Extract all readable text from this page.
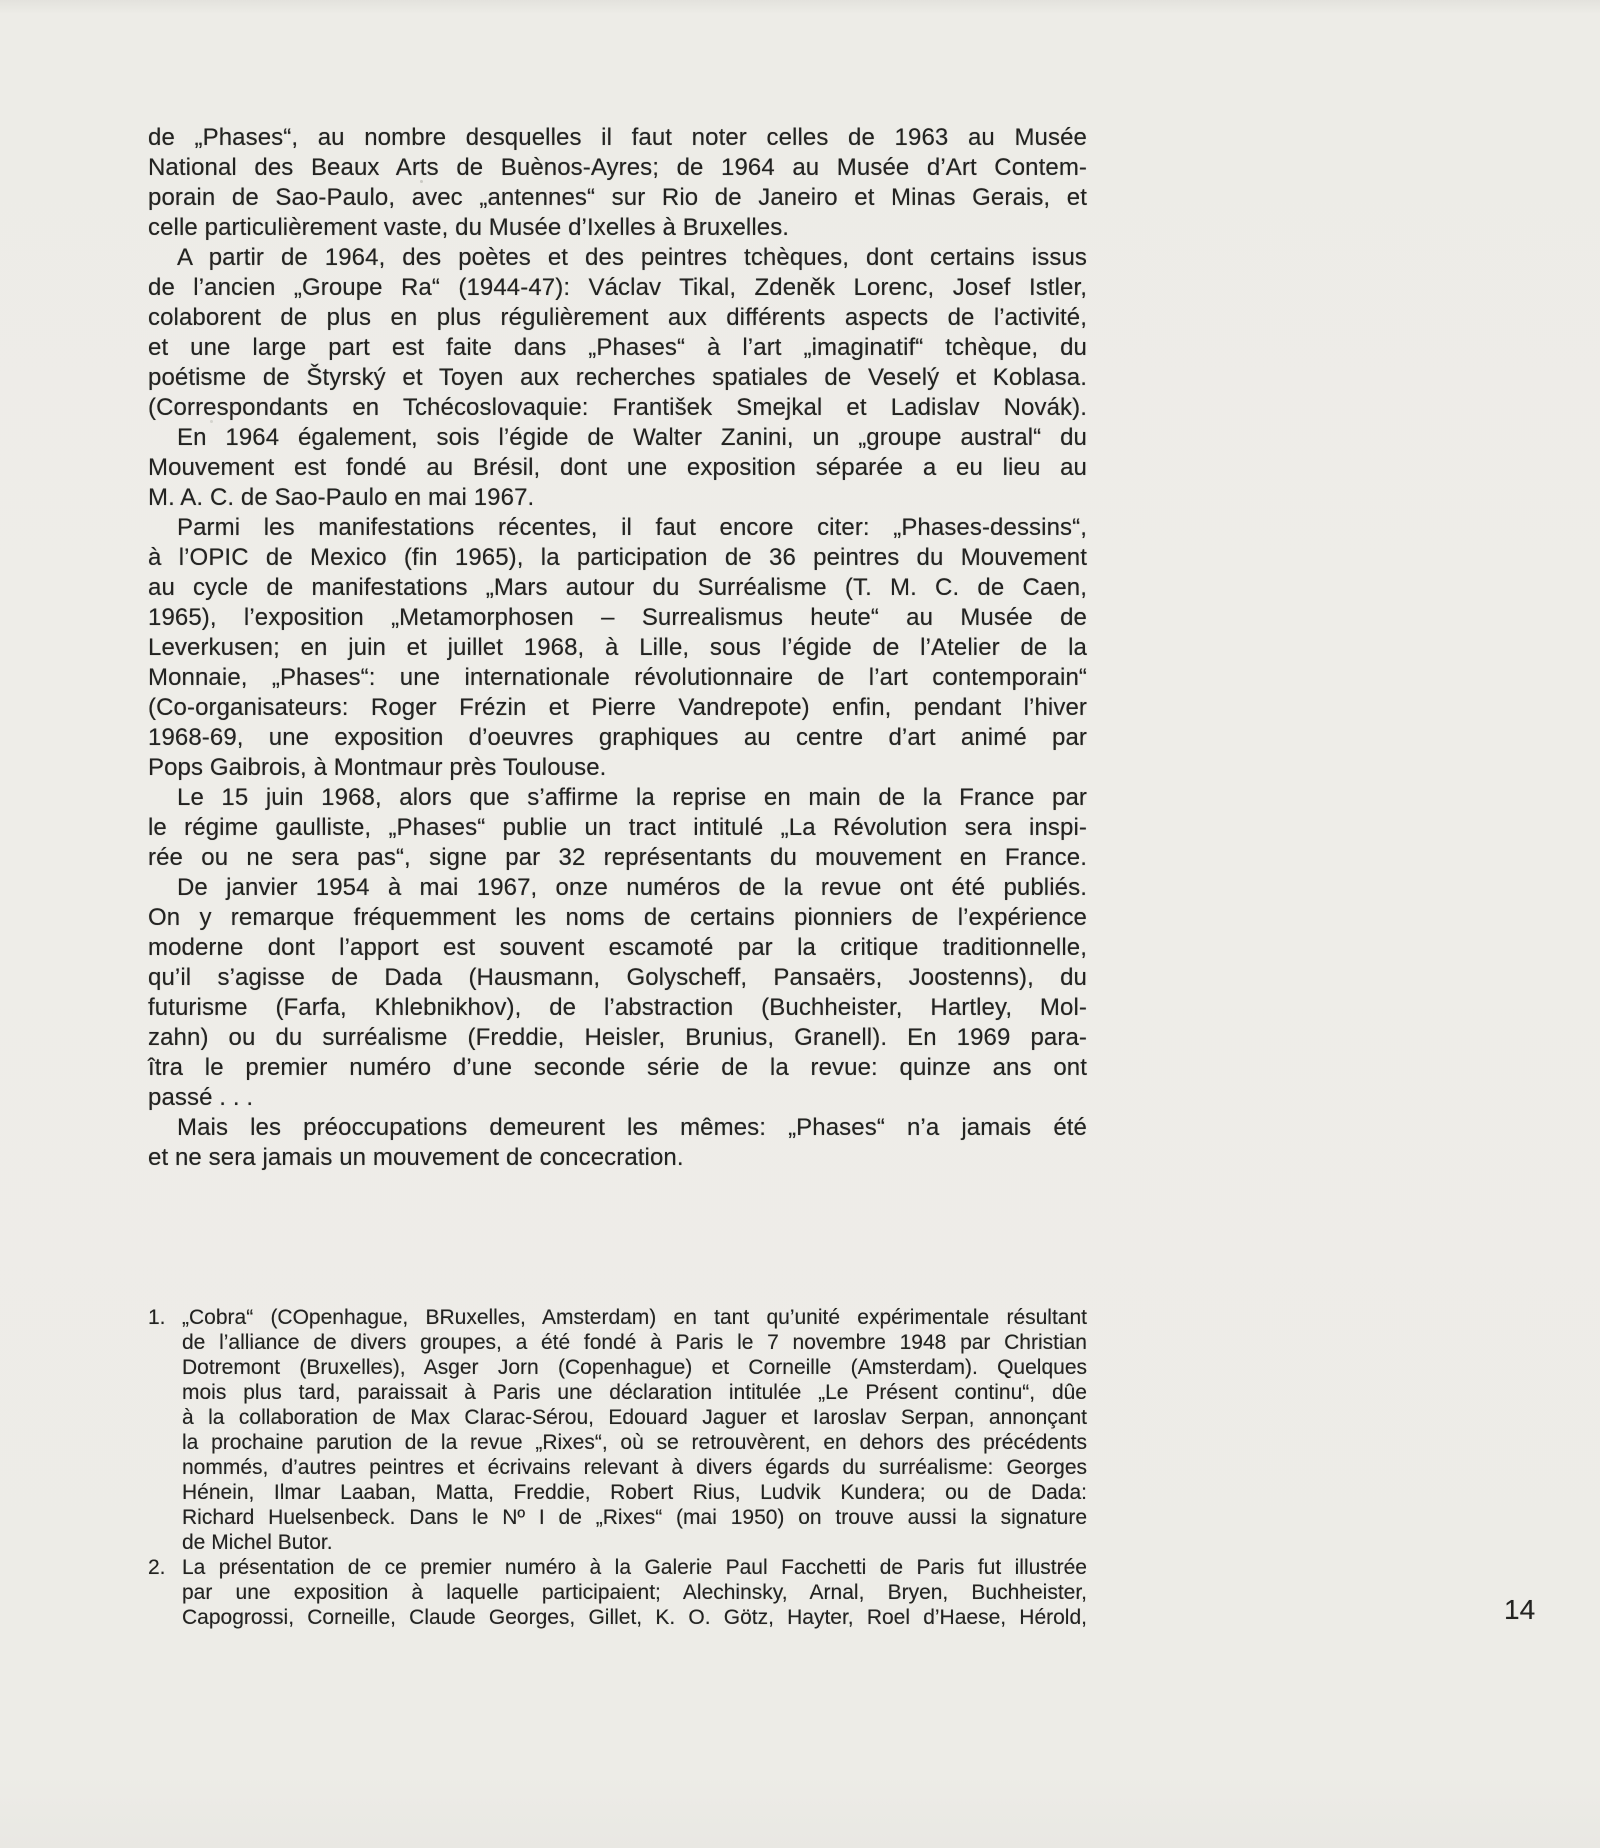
de „Phases“, au nombre desquelles il faut noter celles de 1963 au Musée
National des Beaux Arts de Buènos-Ayres; de 1964 au Musée d’Art Contem-
porain de Sao-Paulo, avec „antennes“ sur Rio de Janeiro et Minas Gerais, et
celle particulièrement vaste, du Musée d’Ixelles à Bruxelles.
A partir de 1964, des poètes et des peintres tchèques, dont certains issus
de l’ancien „Groupe Ra“ (1944-47): Václav Tikal, Zdeněk Lorenc, Josef Istler,
colaborent de plus en plus régulièrement aux différents aspects de l’activité,
et une large part est faite dans „Phases“ à l’art „imaginatif“ tchèque, du
poétisme de Štyrský et Toyen aux recherches spatiales de Veselý et Koblasa.
(Correspondants en Tchécoslovaquie: František Smejkal et Ladislav Novák).
En 1964 également, sois l’égide de Walter Zanini, un „groupe austral“ du
Mouvement est fondé au Brésil, dont une exposition séparée a eu lieu au
M. A. C. de Sao-Paulo en mai 1967.
Parmi les manifestations récentes, il faut encore citer: „Phases-dessins“,
à l’OPIC de Mexico (fin 1965), la participation de 36 peintres du Mouvement
au cycle de manifestations „Mars autour du Surréalisme (T. M. C. de Caen,
1965), l’exposition „Metamorphosen – Surrealismus heute“ au Musée de
Leverkusen; en juin et juillet 1968, à Lille, sous l’égide de l’Atelier de la
Monnaie, „Phases“: une internationale révolutionnaire de l’art contemporain“
(Co-organisateurs: Roger Frézin et Pierre Vandrepote) enfin, pendant l’hiver
1968-69, une exposition d’oeuvres graphiques au centre d’art animé par
Pops Gaibrois, à Montmaur près Toulouse.
Le 15 juin 1968, alors que s’affirme la reprise en main de la France par
le régime gaulliste, „Phases“ publie un tract intitulé „La Révolution sera inspi-
rée ou ne sera pas“, signe par 32 représentants du mouvement en France.
De janvier 1954 à mai 1967, onze numéros de la revue ont été publiés.
On y remarque fréquemment les noms de certains pionniers de l’expérience
moderne dont l’apport est souvent escamoté par la critique traditionnelle,
qu’il s’agisse de Dada (Hausmann, Golyscheff, Pansaërs, Joostenns), du
futurisme (Farfa, Khlebnikhov), de l’abstraction (Buchheister, Hartley, Mol-
zahn) ou du surréalisme (Freddie, Heisler, Brunius, Granell). En 1969 para-
îtra le premier numéro d’une seconde série de la revue: quinze ans ont
passé . . .
Mais les préoccupations demeurent les mêmes: „Phases“ n’a jamais été
et ne sera jamais un mouvement de concecration.
1. „Cobra“ (COpenhague, BRuxelles, Amsterdam) en tant qu’unité expérimentale résultant
de l’alliance de divers groupes, a été fondé à Paris le 7 novembre 1948 par Christian
Dotremont (Bruxelles), Asger Jorn (Copenhague) et Corneille (Amsterdam). Quelques
mois plus tard, paraissait à Paris une déclaration intitulée „Le Présent continu“, dûe
à la collaboration de Max Clarac-Sérou, Edouard Jaguer et Iaroslav Serpan, annonçant
la prochaine parution de la revue „Rixes“, où se retrouvèrent, en dehors des précédents
nommés, d’autres peintres et écrivains relevant à divers égards du surréalisme: Georges
Hénein, Ilmar Laaban, Matta, Freddie, Robert Rius, Ludvik Kundera; ou de Dada:
Richard Huelsenbeck. Dans le Nº I de „Rixes“ (mai 1950) on trouve aussi la signature
de Michel Butor.
2. La présentation de ce premier numéro à la Galerie Paul Facchetti de Paris fut illustrée
par une exposition à laquelle participaient; Alechinsky, Arnal, Bryen, Buchheister,
Capogrossi, Corneille, Claude Georges, Gillet, K. O. Götz, Hayter, Roel d’Haese, Hérold,	14
